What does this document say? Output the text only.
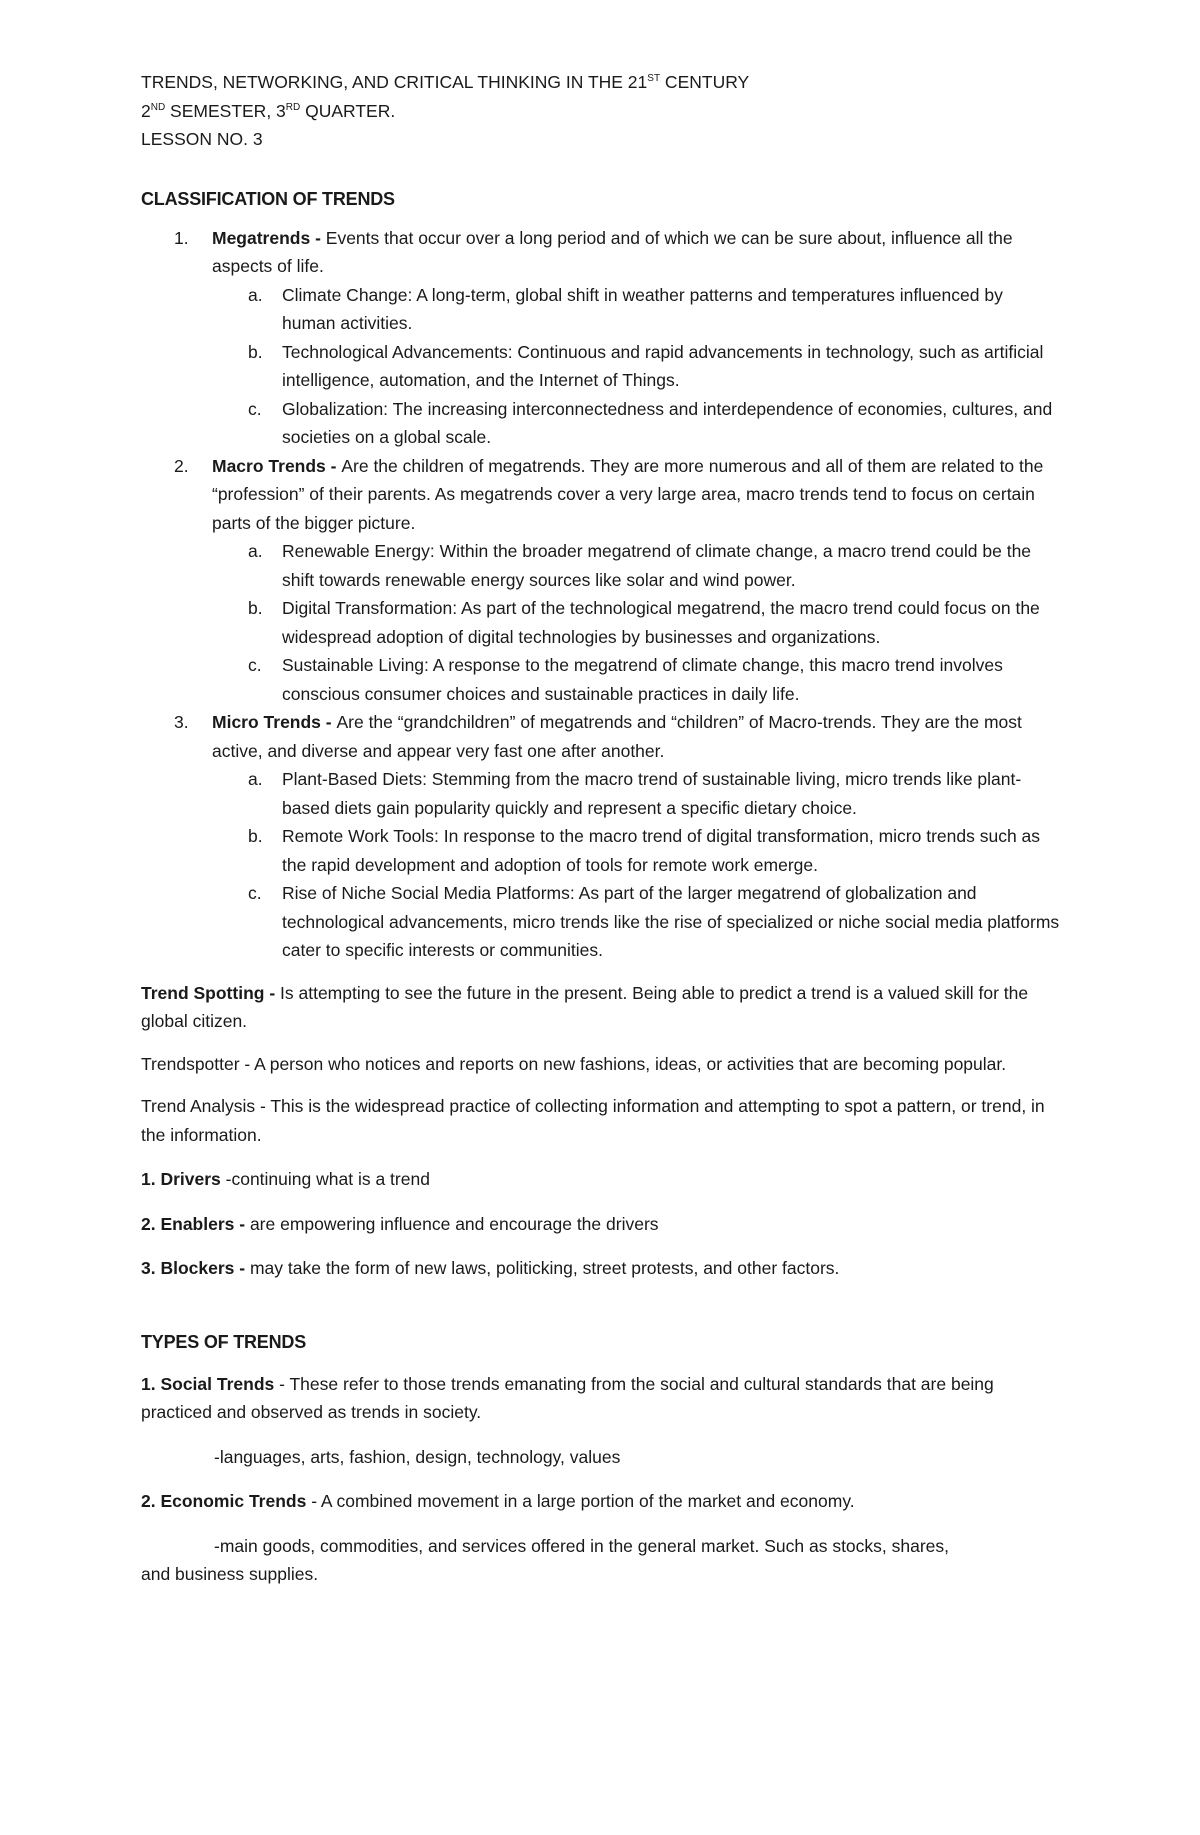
TRENDS, NETWORKING, AND CRITICAL THINKING IN THE 21ST CENTURY

2ND SEMESTER, 3RD QUARTER.

LESSON NO. 3

CLASSIFICATION OF TRENDS
1. Megatrends - Events that occur over a long period and of which we can be sure about, influence all the aspects of life.
a. Climate Change: A long-term, global shift in weather patterns and temperatures influenced by human activities.
b. Technological Advancements: Continuous and rapid advancements in technology, such as artificial intelligence, automation, and the Internet of Things.
c. Globalization: The increasing interconnectedness and interdependence of economies, cultures, and societies on a global scale.
2. Macro Trends - Are the children of megatrends. They are more numerous and all of them are related to the “profession” of their parents. As megatrends cover a very large area, macro trends tend to focus on certain parts of the bigger picture.
a. Renewable Energy: Within the broader megatrend of climate change, a macro trend could be the shift towards renewable energy sources like solar and wind power.
b. Digital Transformation: As part of the technological megatrend, the macro trend could focus on the widespread adoption of digital technologies by businesses and organizations.
c. Sustainable Living: A response to the megatrend of climate change, this macro trend involves conscious consumer choices and sustainable practices in daily life.
3. Micro Trends - Are the “grandchildren” of megatrends and “children” of Macro-trends. They are the most active, and diverse and appear very fast one after another.
a. Plant-Based Diets: Stemming from the macro trend of sustainable living, micro trends like plant-based diets gain popularity quickly and represent a specific dietary choice.
b. Remote Work Tools: In response to the macro trend of digital transformation, micro trends such as the rapid development and adoption of tools for remote work emerge.
c. Rise of Niche Social Media Platforms: As part of the larger megatrend of globalization and technological advancements, micro trends like the rise of specialized or niche social media platforms cater to specific interests or communities.

Trend Spotting - Is attempting to see the future in the present. Being able to predict a trend is a valued skill for the global citizen.

Trendspotter - A person who notices and reports on new fashions, ideas, or activities that are becoming popular.

Trend Analysis - This is the widespread practice of collecting information and attempting to spot a pattern, or trend, in the information.

1. Drivers -continuing what is a trend

2. Enablers - are empowering influence and encourage the drivers

3. Blockers - may take the form of new laws, politicking, street protests, and other factors.

TYPES OF TRENDS

1. Social Trends - These refer to those trends emanating from the social and cultural standards that are being practiced and observed as trends in society.

-languages, arts, fashion, design, technology, values

2. Economic Trends - A combined movement in a large portion of the market and economy.

-main goods, commodities, and services offered in the general market. Such as stocks, shares,
and business supplies.
